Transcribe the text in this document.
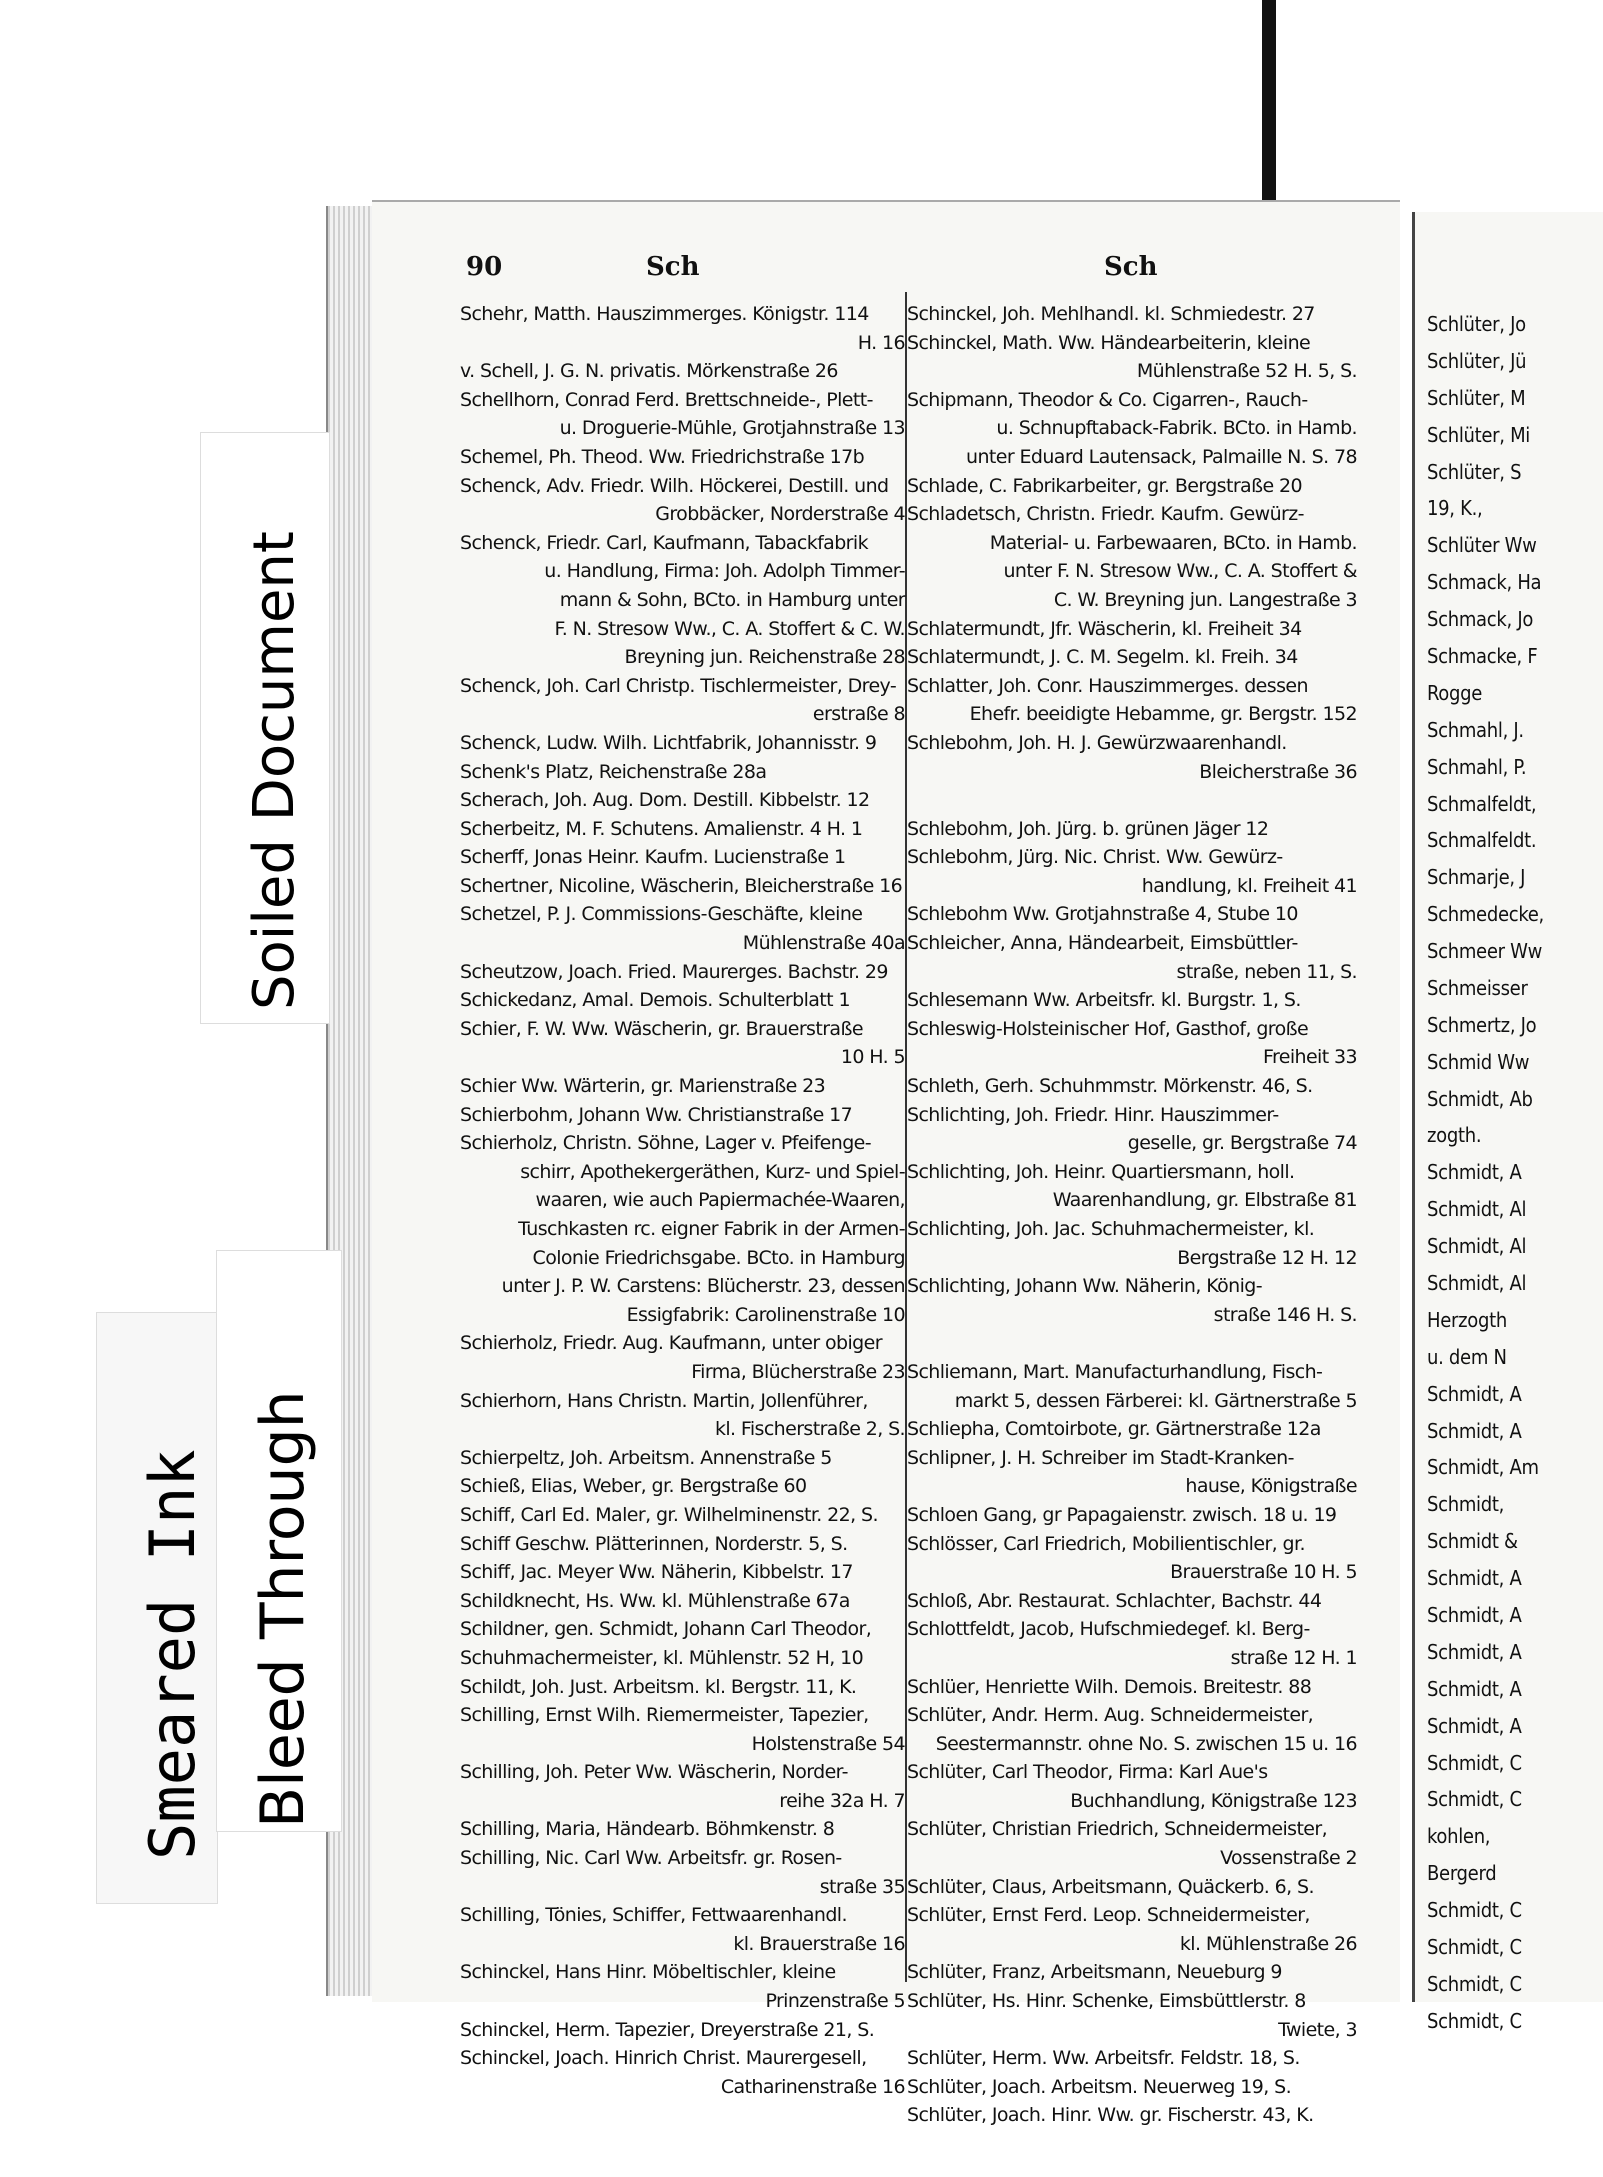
Schlüter, Jo
Schlüter, Jü
Schlüter, M
Schlüter, Mi
Schlüter, S
19, K.,
Schlüter Ww
Schmack, Ha
Schmack, Jo
Schmacke, F
Rogge
Schmahl, J.
Schmahl, P.
Schmalfeldt,
Schmalfeldt.
Schmarje, J
Schmedecke,
Schmeer Ww
Schmeisser
Schmertz, Jo
Schmid Ww
Schmidt, Ab
zogth.
Schmidt, A
Schmidt, Al
Schmidt, Al
Schmidt, Al
Herzogth
u. dem N
Schmidt, A
Schmidt, A
Schmidt, Am
Schmidt,
Schmidt &
Schmidt, A
Schmidt, A
Schmidt, A
Schmidt, A
Schmidt, A
Schmidt, C
Schmidt, C
kohlen,
Bergerd
Schmidt, C
Schmidt, C
Schmidt, C
Schmidt, C
90	Sch	Sch
Schehr, Matth. Hauszimmerges. Königstr. 114
H. 16
v. Schell, J. G. N. privatis. Mörkenstraße 26
Schellhorn, Conrad Ferd. Brettschneide-, Plett-
u. Droguerie-Mühle, Grotjahnstraße 13
Schemel, Ph. Theod. Ww. Friedrichstraße 17b
Schenck, Adv. Friedr. Wilh. Höckerei, Destill. und
Grobbäcker, Norderstraße 4
Schenck, Friedr. Carl, Kaufmann, Tabackfabrik
u. Handlung, Firma: Joh. Adolph Timmer-
mann & Sohn, BCto. in Hamburg unter
F. N. Stresow Ww., C. A. Stoffert & C. W.
Breyning jun. Reichenstraße 28
Schenck, Joh. Carl Christp. Tischlermeister, Drey-
erstraße 8
Schenck, Ludw. Wilh. Lichtfabrik, Johannisstr. 9
Schenk's Platz, Reichenstraße 28a
Scherach, Joh. Aug. Dom. Destill. Kibbelstr. 12
Scherbeitz, M. F. Schutens. Amalienstr. 4 H. 1
Scherff, Jonas Heinr. Kaufm. Lucienstraße 1
Schertner, Nicoline, Wäscherin, Bleicherstraße 16
Schetzel, P. J. Commissions-Geschäfte, kleine
Mühlenstraße 40a
Scheutzow, Joach. Fried. Maurerges. Bachstr. 29
Schickedanz, Amal. Demois. Schulterblatt 1
Schier, F. W. Ww. Wäscherin, gr. Brauerstraße
10 H. 5
Schier Ww. Wärterin, gr. Marienstraße 23
Schierbohm, Johann Ww. Christianstraße 17
Schierholz, Christn. Söhne, Lager v. Pfeifenge-
schirr, Apothekergeräthen, Kurz- und Spiel-
waaren, wie auch Papiermachée-Waaren,
Tuschkasten rc. eigner Fabrik in der Armen-
Colonie Friedrichsgabe. BCto. in Hamburg
unter J. P. W. Carstens: Blücherstr. 23, dessen
Essigfabrik: Carolinenstraße 10
Schierholz, Friedr. Aug. Kaufmann, unter obiger
Firma, Blücherstraße 23
Schierhorn, Hans Christn. Martin, Jollenführer,
kl. Fischerstraße 2, S.
Schierpeltz, Joh. Arbeitsm. Annenstraße 5
Schieß, Elias, Weber, gr. Bergstraße 60
Schiff, Carl Ed. Maler, gr. Wilhelminenstr. 22, S.
Schiff Geschw. Plätterinnen, Norderstr. 5, S.
Schiff, Jac. Meyer Ww. Näherin, Kibbelstr. 17
Schildknecht, Hs. Ww. kl. Mühlenstraße 67a
Schildner, gen. Schmidt, Johann Carl Theodor,
Schuhmachermeister, kl. Mühlenstr. 52 H, 10
Schildt, Joh. Just. Arbeitsm. kl. Bergstr. 11, K.
Schilling, Ernst Wilh. Riemermeister, Tapezier,
Holstenstraße 54
Schilling, Joh. Peter Ww. Wäscherin, Norder-
reihe 32a H. 7
Schilling, Maria, Händearb. Böhmkenstr. 8
Schilling, Nic. Carl Ww. Arbeitsfr. gr. Rosen-
straße 35
Schilling, Tönies, Schiffer, Fettwaarenhandl.
kl. Brauerstraße 16
Schinckel, Hans Hinr. Möbeltischler, kleine
Prinzenstraße 5
Schinckel, Herm. Tapezier, Dreyerstraße 21, S.
Schinckel, Joach. Hinrich Christ. Maurergesell,
Catharinenstraße 16
Schinckel, Joh. Mehlhandl. kl. Schmiedestr. 27
Schinckel, Math. Ww. Händearbeiterin, kleine
Mühlenstraße 52 H. 5, S.
Schipmann, Theodor & Co. Cigarren-, Rauch-
u. Schnupftaback-Fabrik. BCto. in Hamb.
unter Eduard Lautensack, Palmaille N. S. 78
Schlade, C. Fabrikarbeiter, gr. Bergstraße 20
Schladetsch, Christn. Friedr. Kaufm. Gewürz-
Material- u. Farbewaaren, BCto. in Hamb.
unter F. N. Stresow Ww., C. A. Stoffert &
C. W. Breyning jun. Langestraße 3
Schlatermundt, Jfr. Wäscherin, kl. Freiheit 34
Schlatermundt, J. C. M. Segelm. kl. Freih. 34
Schlatter, Joh. Conr. Hauszimmerges. dessen
Ehefr. beeidigte Hebamme, gr. Bergstr. 152
Schlebohm, Joh. H. J. Gewürzwaarenhandl.
Bleicherstraße 36

Schlebohm, Joh. Jürg. b. grünen Jäger 12
Schlebohm, Jürg. Nic. Christ. Ww. Gewürz-
handlung, kl. Freiheit 41
Schlebohm Ww. Grotjahnstraße 4, Stube 10
Schleicher, Anna, Händearbeit, Eimsbüttler-
straße, neben 11, S.
Schlesemann Ww. Arbeitsfr. kl. Burgstr. 1, S.
Schleswig-Holsteinischer Hof, Gasthof, große
Freiheit 33
Schleth, Gerh. Schuhmmstr. Mörkenstr. 46, S.
Schlichting, Joh. Friedr. Hinr. Hauszimmer-
geselle, gr. Bergstraße 74
Schlichting, Joh. Heinr. Quartiersmann, holl.
Waarenhandlung, gr. Elbstraße 81
Schlichting, Joh. Jac. Schuhmachermeister, kl.
Bergstraße 12 H. 12
Schlichting, Johann Ww. Näherin, König-
straße 146 H. S.

Schliemann, Mart. Manufacturhandlung, Fisch-
markt 5, dessen Färberei: kl. Gärtnerstraße 5
Schliepha, Comtoirbote, gr. Gärtnerstraße 12a
Schlipner, J. H. Schreiber im Stadt-Kranken-
hause, Königstraße
Schloen Gang, gr Papagaienstr. zwisch. 18 u. 19
Schlösser, Carl Friedrich, Mobilientischler, gr.
Brauerstraße 10 H. 5
Schloß, Abr. Restaurat. Schlachter, Bachstr. 44
Schlottfeldt, Jacob, Hufschmiedegef. kl. Berg-
straße 12 H. 1
Schlüer, Henriette Wilh. Demois. Breitestr. 88
Schlüter, Andr. Herm. Aug. Schneidermeister,
Seestermannstr. ohne No. S. zwischen 15 u. 16
Schlüter, Carl Theodor, Firma: Karl Aue's
Buchhandlung, Königstraße 123
Schlüter, Christian Friedrich, Schneidermeister,
Vossenstraße 2
Schlüter, Claus, Arbeitsmann, Quäckerb. 6, S.
Schlüter, Ernst Ferd. Leop. Schneidermeister,
kl. Mühlenstraße 26
Schlüter, Franz, Arbeitsmann, Neueburg 9
Schlüter, Hs. Hinr. Schenke, Eimsbüttlerstr. 8
Twiete, 3
Schlüter, Herm. Ww. Arbeitsfr. Feldstr. 18, S.
Schlüter, Joach. Arbeitsm. Neuerweg 19, S.
Schlüter, Joach. Hinr. Ww. gr. Fischerstr. 43, K.
Soiled Document
Smeared Ink Bleed Through
